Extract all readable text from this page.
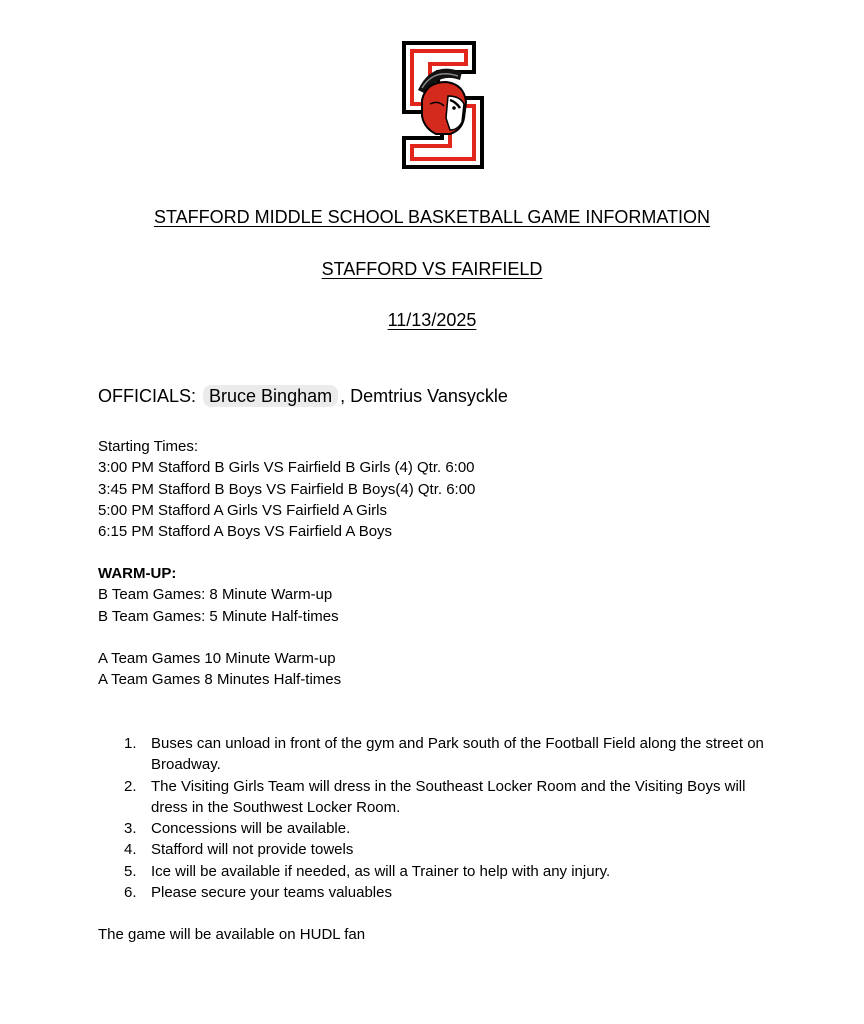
STAFFORD MIDDLE SCHOOL BASKETBALL GAME INFORMATION
STAFFORD VS FAIRFIELD
11/13/2025
OFFICIALS: Bruce Bingham , Demtrius Vansyckle
Starting Times:
3:00 PM Stafford B Girls VS Fairfield B Girls (4) Qtr. 6:00
3:45 PM Stafford B Boys VS Fairfield B Boys(4) Qtr. 6:00
5:00 PM Stafford A Girls VS Fairfield A Girls
6:15 PM Stafford A Boys VS Fairfield A Boys
WARM-UP:
B Team Games: 8 Minute Warm-up
B Team Games: 5 Minute Half-times
A Team Games 10 Minute Warm-up
A Team Games 8 Minutes Half-times
1. Buses can unload in front of the gym and Park south of the Football Field along the street on Broadway.
2. The Visiting Girls Team will dress in the Southeast Locker Room and the Visiting Boys will dress in the Southwest Locker Room.
3. Concessions will be available.
4. Stafford will not provide towels
5. Ice will be available if needed, as will a Trainer to help with any injury.
6. Please secure your teams valuables
The game will be available on HUDL fan
